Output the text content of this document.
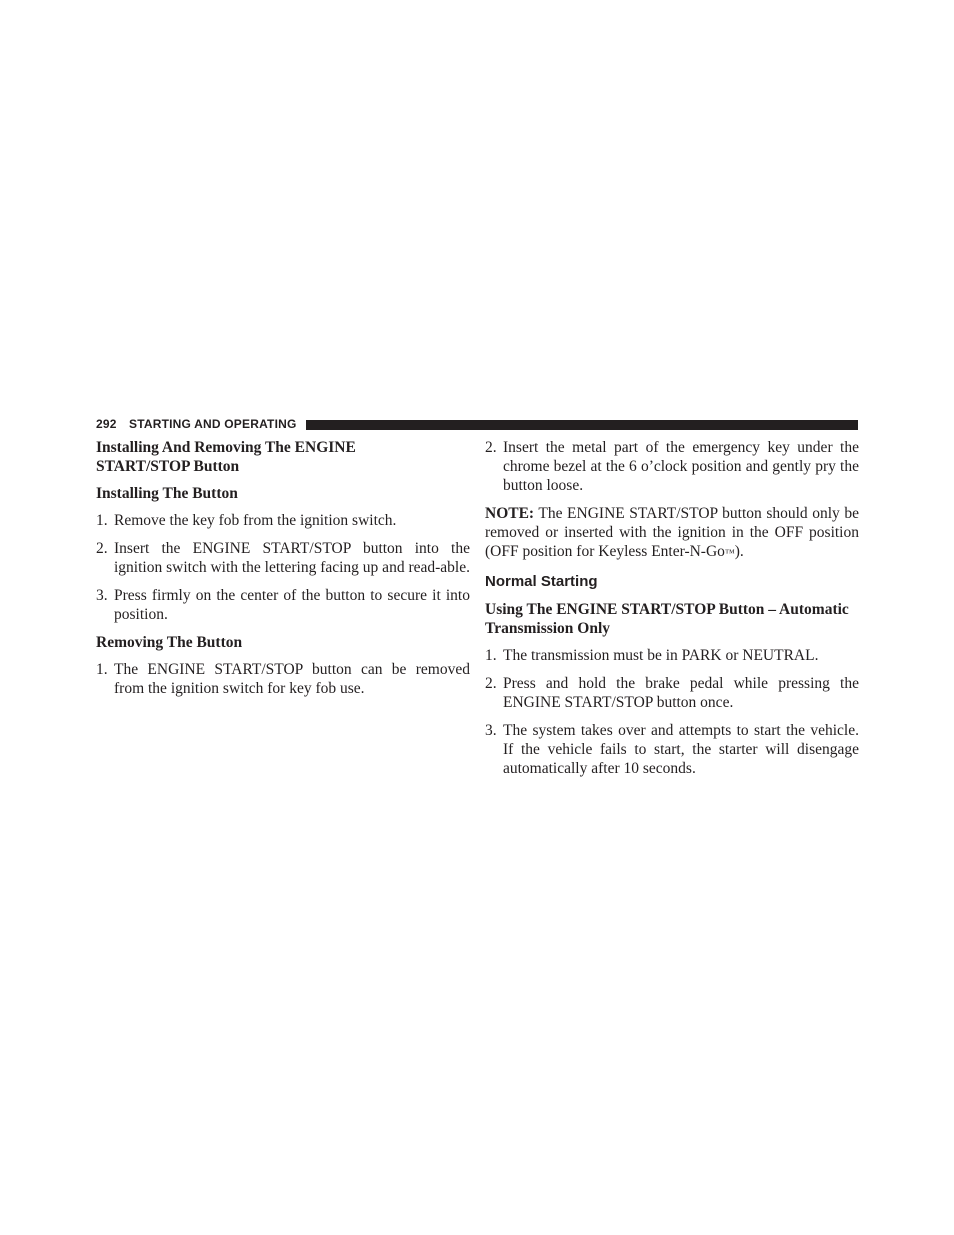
292 STARTING AND OPERATING
Installing And Removing The ENGINE START/STOP Button
Installing The Button
1. Remove the key fob from the ignition switch.
2. Insert the ENGINE START/STOP button into the ignition switch with the lettering facing up and read-able.
3. Press firmly on the center of the button to secure it into position.
Removing The Button
1. The ENGINE START/STOP button can be removed from the ignition switch for key fob use.
2. Insert the metal part of the emergency key under the chrome bezel at the 6 o’clock position and gently pry the button loose.

NOTE: The ENGINE START/STOP button should only be removed or inserted with the ignition in the OFF position (OFF position for Keyless Enter-N-Go™).

Normal Starting
Using The ENGINE START/STOP Button – Automatic Transmission Only
1. The transmission must be in PARK or NEUTRAL.
2. Press and hold the brake pedal while pressing the ENGINE START/STOP button once.
3. The system takes over and attempts to start the vehicle. If the vehicle fails to start, the starter will disengage automatically after 10 seconds.
